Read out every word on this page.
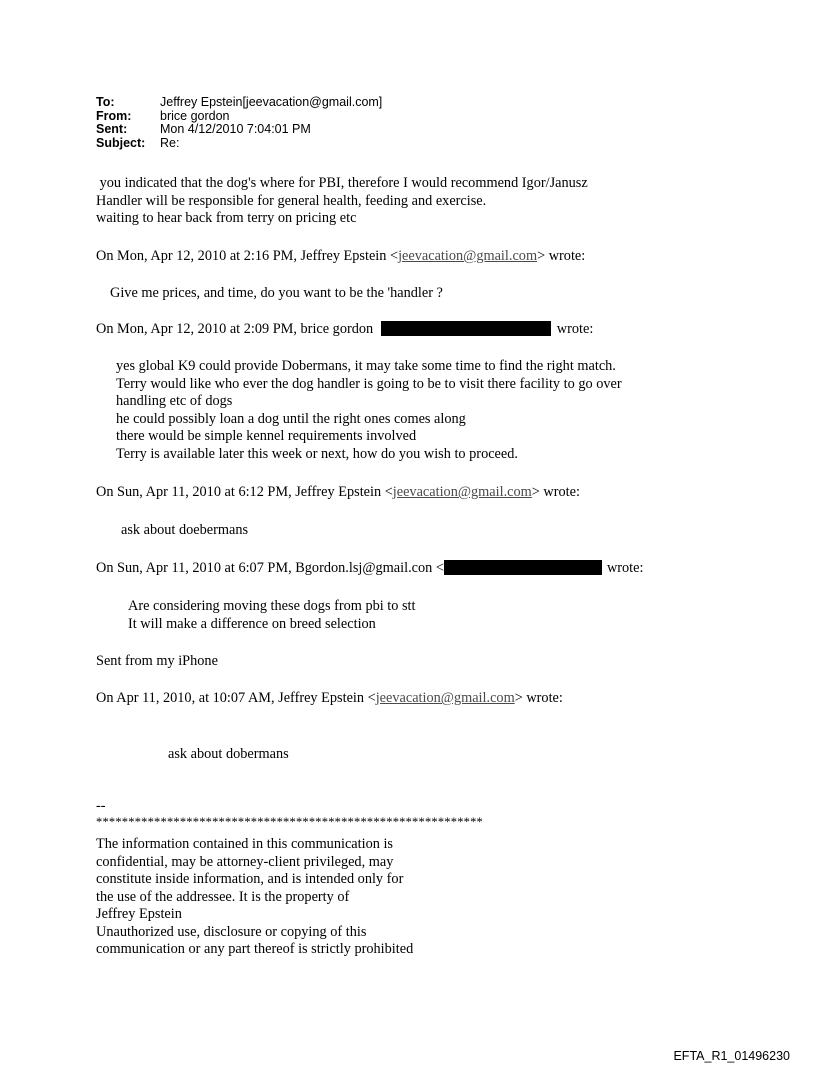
To:	Jeffrey Epstein[jeevacation@gmail.com]
From:	brice gordon
Sent:	Mon 4/12/2010 7:04:01 PM
Subject:	Re:
you indicated that the dog's where for PBI, therefore I would recommend Igor/Janusz
Handler will be responsible for general health, feeding and exercise.
waiting to hear back from terry on pricing etc
On Mon, Apr 12, 2010 at 2:16 PM, Jeffrey Epstein <jeevacation@gmail.com> wrote:
Give me prices, and time, do you want to be the 'handler ?
On Mon, Apr 12, 2010 at 2:09 PM, brice gordon	wrote:
yes global K9 could provide Dobermans, it may take some time to find the right match.
Terry would like who ever the dog handler is going to be to visit there facility to go over
handling etc of dogs
he could possibly loan a dog until the right ones comes along
there would be simple kennel requirements involved
Terry is available later this week or next, how do you wish to proceed.
On Sun, Apr 11, 2010 at 6:12 PM, Jeffrey Epstein <jeevacation@gmail.com> wrote:
ask about doebermans
On Sun, Apr 11, 2010 at 6:07 PM, Bgordon.lsj@gmail.con <	wrote:
Are considering moving these dogs from pbi to stt
It will make a difference on breed selection
Sent from my iPhone
On Apr 11, 2010, at 10:07 AM, Jeffrey Epstein <jeevacation@gmail.com> wrote:
ask about dobermans
--
************************************************************
The information contained in this communication is
confidential, may be attorney-client privileged, may
constitute inside information, and is intended only for
the use of the addressee. It is the property of
Jeffrey Epstein
Unauthorized use, disclosure or copying of this
communication or any part thereof is strictly prohibited
EFTA_R1_01496230
